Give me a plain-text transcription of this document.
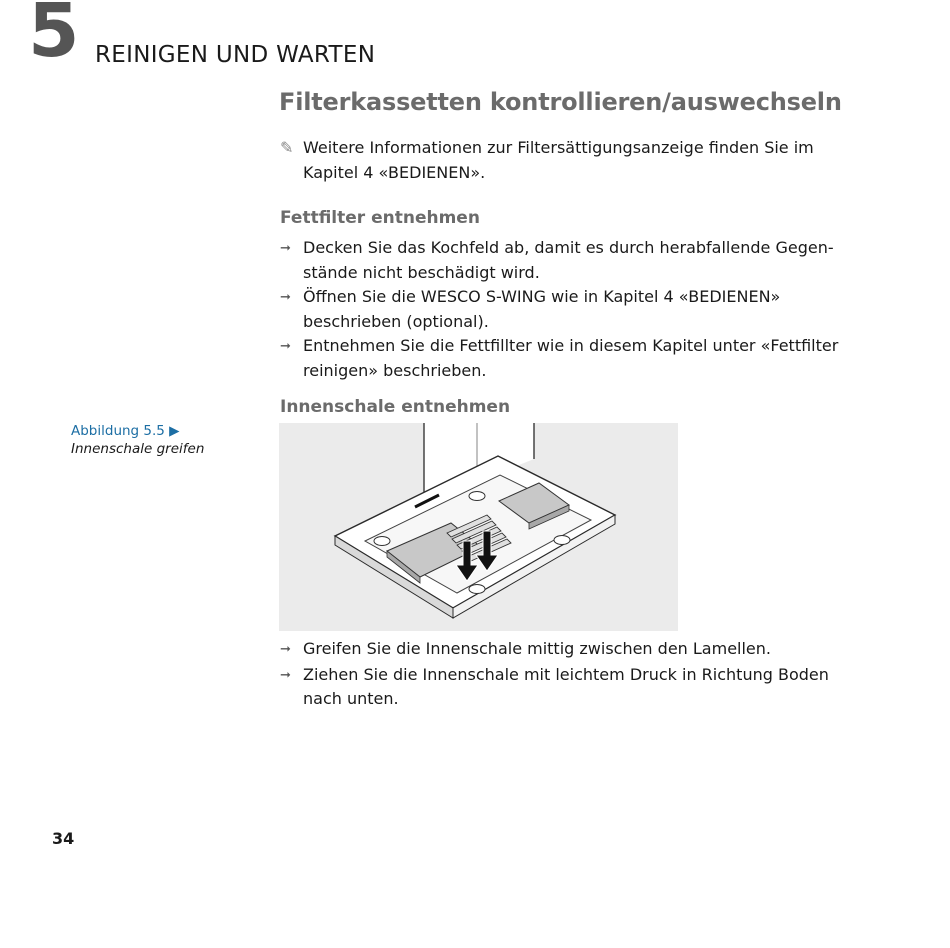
5 REINIGEN UND WARTEN
Filterkassetten kontrollieren/auswechseln
✎ Weitere Informationen zur Filtersättigungsanzeige finden Sie im Kapitel 4 «BEDIENEN».
Fettfilter entnehmen
➞ Decken Sie das Kochfeld ab, damit es durch herabfallende Gegen-stände nicht beschädigt wird.
➞ Öffnen Sie die WESCO S-WING wie in Kapitel 4 «BEDIENEN» beschrieben (optional).
➞ Entnehmen Sie die Fettfillter wie in diesem Kapitel unter «Fettfilter reinigen» beschrieben.
Innenschale entnehmen
Abbildung 5.5 ▶
Innenschale greifen
➞ Greifen Sie die Innenschale mittig zwischen den Lamellen.
➞ Ziehen Sie die Innenschale mit leichtem Druck in Richtung Boden nach unten.
34
